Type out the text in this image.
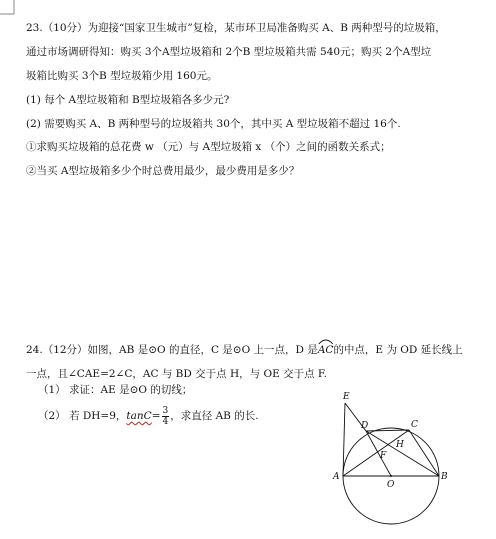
23.（10分）为迎接“国家卫生城市”复检，某市环卫局准备购买 A、B 两种型号的垃圾箱，
通过市场调研得知：购买 3个A型垃圾箱和 2个B 型垃圾箱共需 540元；购买 2个A型垃
圾箱比购买 3个B 型垃圾箱少用 160元。
(1) 每个 A型垃圾箱和 B型垃圾箱各多少元?
(2) 需要购买 A、B 两种型号的垃圾箱共 30个，其中买 A 型垃圾箱不超过 16个.
①求购买垃圾箱的总花费 w （元）与 A型垃圾箱 x （个）之间的函数关系式；
②当买 A型垃圾箱多少个时总费用最少，最少费用是多少？
24.（12分）如图，AB 是⊙O 的直径，C 是⊙O 上一点，D 是
AC的中点，E 为 OD 延长线上
一点，且∠CAE=2∠C，AC 与 BD 交于点 H，与 OE 交于点 F.
（1） 求证：AE 是⊙O 的切线；
（2） 若 DH=9，$\tan C= \frac{3}{4}$ ，求直径 AB 的长.
E
D	C
H
F
A
O
B
